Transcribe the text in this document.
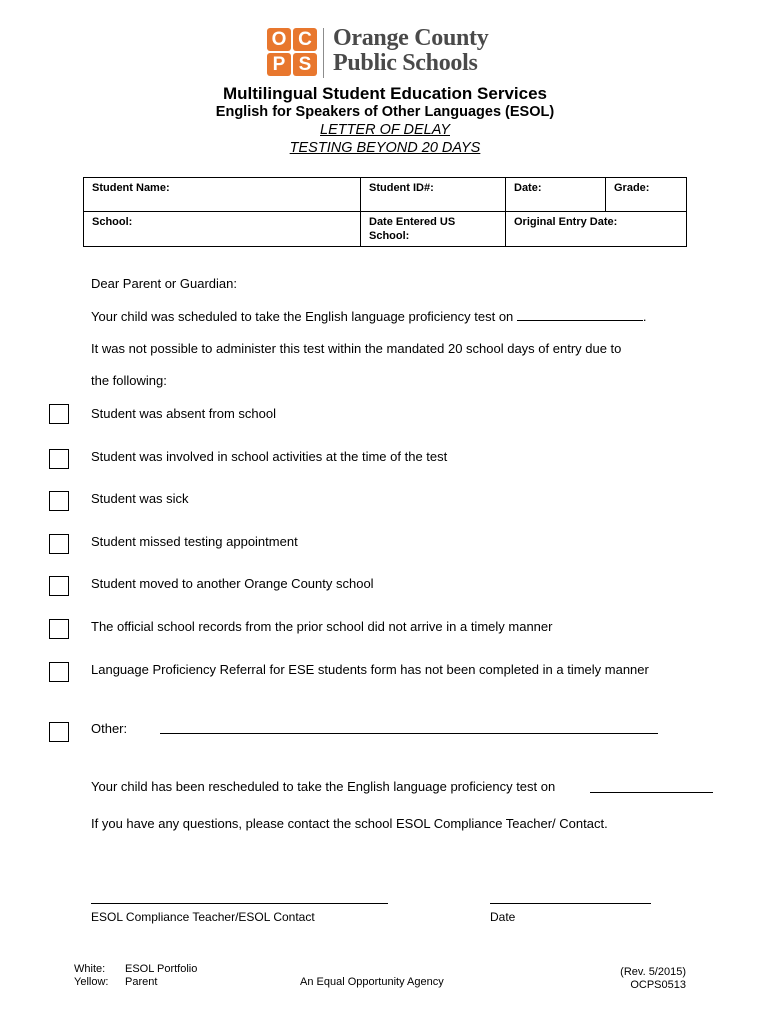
O C
P S
Orange County
Public Schools
Multilingual Student Education Services
English for Speakers of Other Languages (ESOL)
LETTER OF DELAY
TESTING BEYOND 20 DAYS
Student Name:	Student ID#:	Date:	Grade:
School:	Date Entered US School:	Original Entry Date:	
Dear Parent or Guardian:
Your child was scheduled to take the English language proficiency test on	.
It was not possible to administer this test within the mandated 20 school days of entry due to
the following:
Student was absent from school
Student was involved in school activities at the time of the test
Student was sick
Student missed testing appointment
Student moved to another Orange County school
The official school records from the prior school did not arrive in a timely manner
Language Proficiency Referral for ESE students form has not been completed in a timely manner
Other:
Your child has been rescheduled to take the English language proficiency test on
If you have any questions, please contact the school ESOL Compliance Teacher/ Contact.
ESOL Compliance Teacher/ESOL Contact	Date
White: ESOL Portfolio
Yellow: Parent	An Equal Opportunity Agency
(Rev. 5/2015)
OCPS0513
